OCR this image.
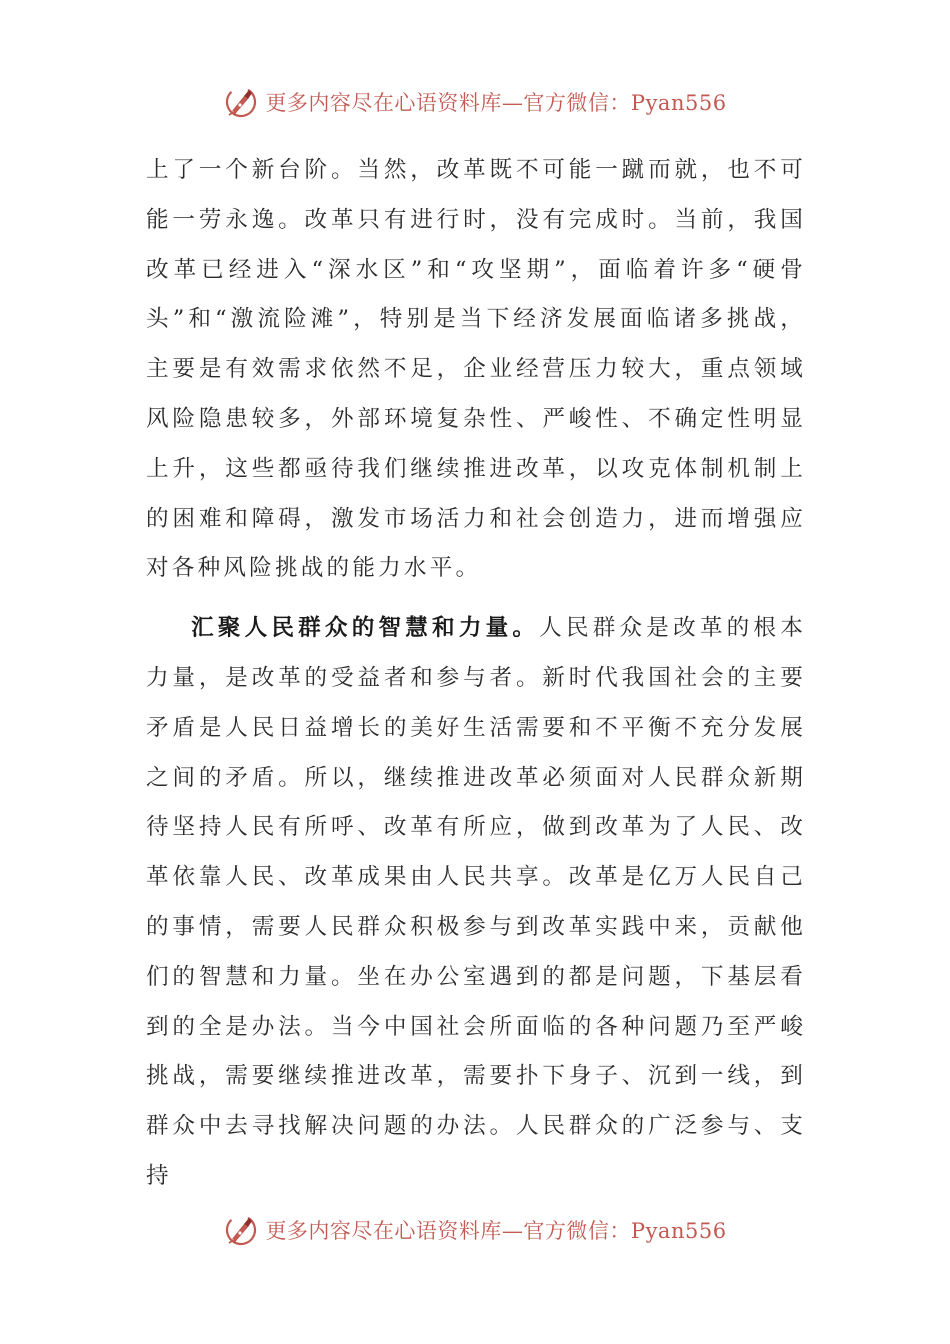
更多内容尽在心语资料库—官方微信：Pyan556

上了一个新台阶。当然，改革既不可能一蹴而就，也不可能一劳永逸。改革只有进行时，没有完成时。当前，我国改革已经进入“深水区”和“攻坚期”，面临着许多“硬骨头”和“激流险滩”，特别是当下经济发展面临诸多挑战，主要是有效需求依然不足，企业经营压力较大，重点领域风险隐患较多，外部环境复杂性、严峻性、不确定性明显上升，这些都亟待我们继续推进改革，以攻克体制机制上的困难和障碍，激发市场活力和社会创造力，进而增强应对各种风险挑战的能力水平。

汇聚人民群众的智慧和力量。人民群众是改革的根本力量，是改革的受益者和参与者。新时代我国社会的主要矛盾是人民日益增长的美好生活需要和不平衡不充分发展之间的矛盾。所以，继续推进改革必须面对人民群众新期待坚持人民有所呼、改革有所应，做到改革为了人民、改革依靠人民、改革成果由人民共享。改革是亿万人民自己的事情，需要人民群众积极参与到改革实践中来，贡献他们的智慧和力量。坐在办公室遇到的都是问题，下基层看到的全是办法。当今中国社会所面临的各种问题乃至严峻挑战，需要继续推进改革，需要扑下身子、沉到一线，到群众中去寻找解决问题的办法。人民群众的广泛参与、支持

更多内容尽在心语资料库—官方微信：Pyan556
